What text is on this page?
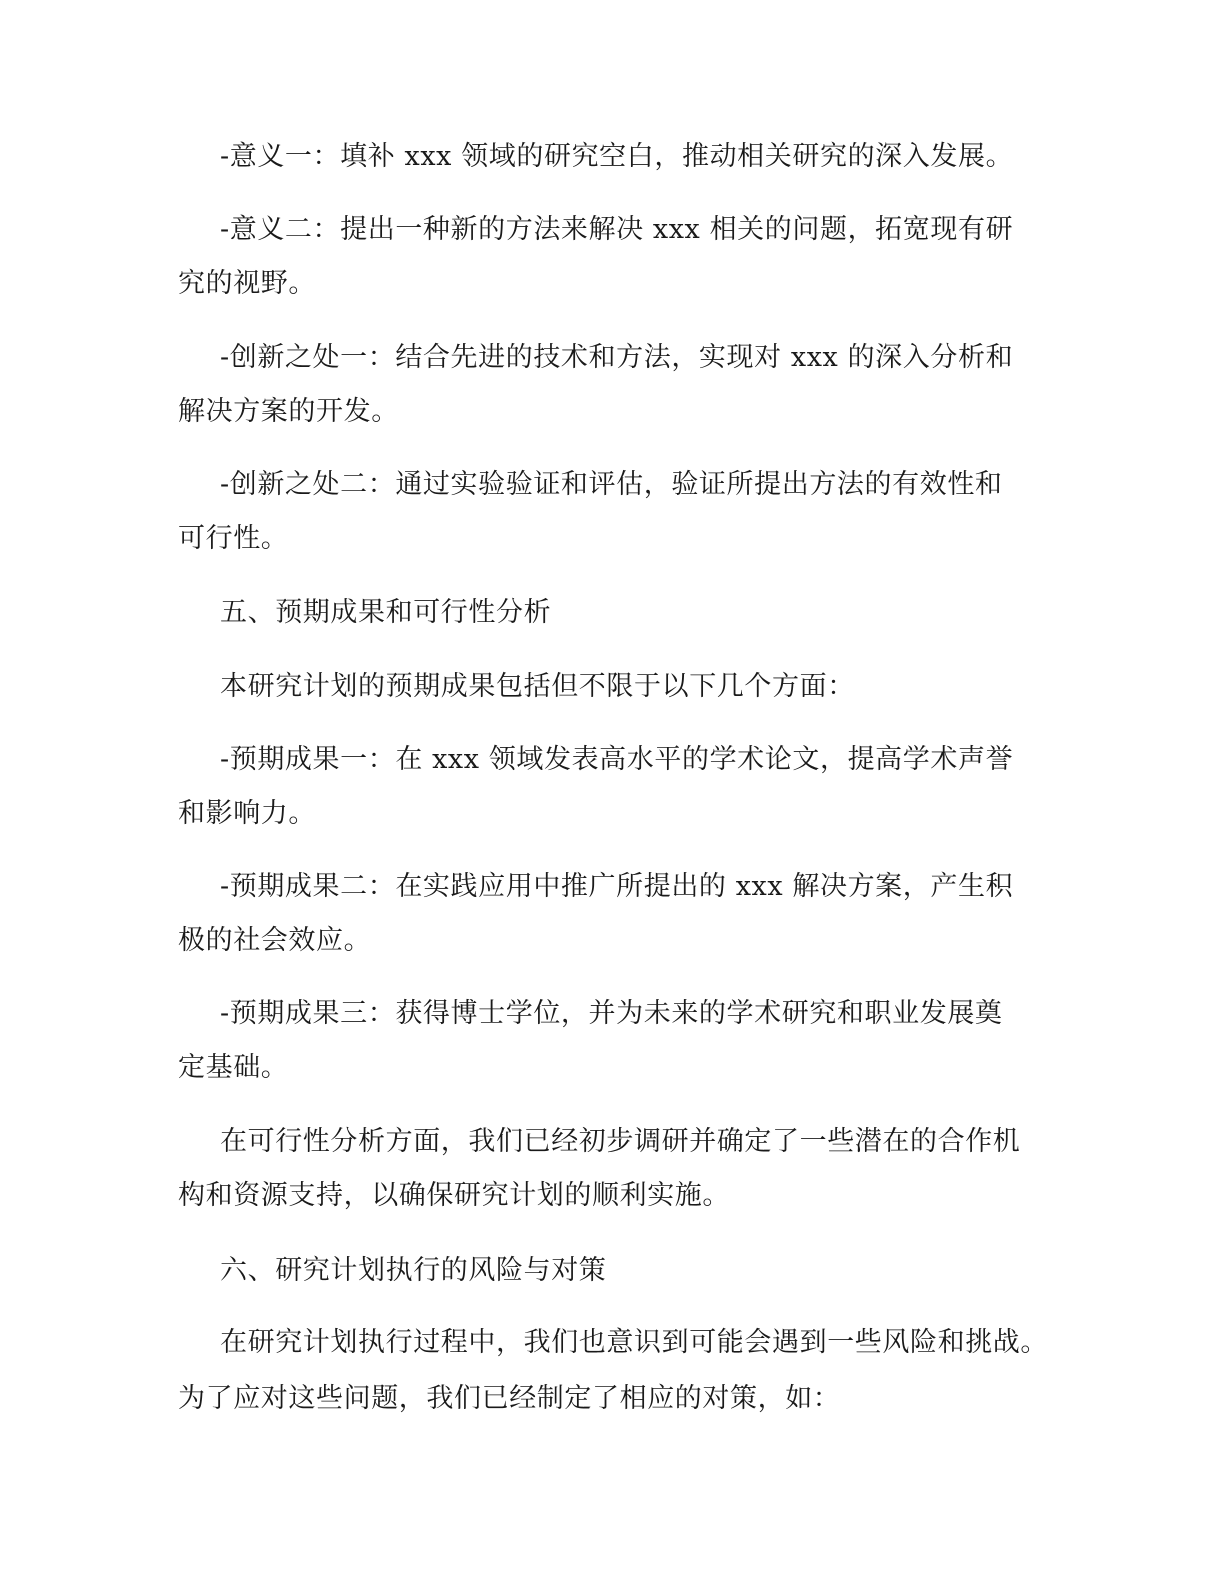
-意义一：填补 xxx 领域的研究空白，推动相关研究的深入发展。
-意义二：提出一种新的方法来解决 xxx 相关的问题，拓宽现有研
究的视野。
-创新之处一：结合先进的技术和方法，实现对 xxx 的深入分析和
解决方案的开发。
-创新之处二：通过实验验证和评估，验证所提出方法的有效性和
可行性。
五、预期成果和可行性分析
本研究计划的预期成果包括但不限于以下几个方面：
-预期成果一：在 xxx 领域发表高水平的学术论文，提高学术声誉
和影响力。
-预期成果二：在实践应用中推广所提出的 xxx 解决方案，产生积
极的社会效应。
-预期成果三：获得博士学位，并为未来的学术研究和职业发展奠
定基础。
在可行性分析方面，我们已经初步调研并确定了一些潜在的合作机
构和资源支持，以确保研究计划的顺利实施。
六、研究计划执行的风险与对策
在研究计划执行过程中，我们也意识到可能会遇到一些风险和挑战。
为了应对这些问题，我们已经制定了相应的对策，如：
